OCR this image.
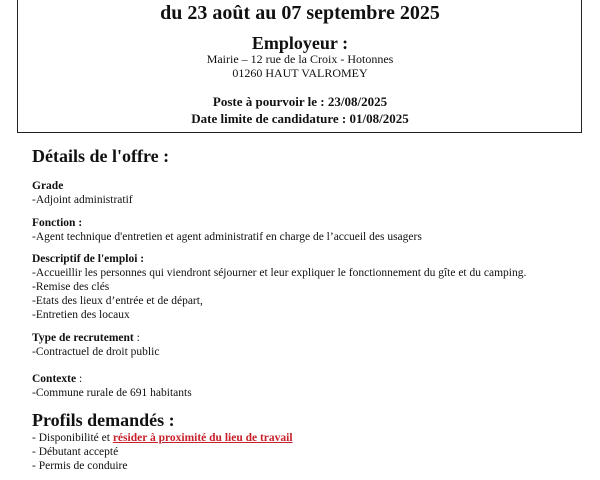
du 23 août au 07 septembre 2025
Employeur :
Mairie – 12 rue de la Croix - Hotonnes
01260 HAUT VALROMEY
Poste à pourvoir le : 23/08/2025
Date limite de candidature : 01/08/2025
Détails de l'offre :
Grade
-Adjoint administratif
Fonction :
-Agent technique d'entretien et agent administratif en charge de l’accueil des usagers
Descriptif de l'emploi :
-Accueillir les personnes qui viendront séjourner et leur expliquer le fonctionnement du gîte et du camping.
-Remise des clés
-Etats des lieux d’entrée et de départ,
-Entretien des locaux
Type de recrutement :
-Contractuel de droit public
Contexte :
-Commune rurale de 691 habitants
Profils demandés :
- Disponibilité et résider à proximité du lieu de travail
- Débutant accepté
- Permis de conduire
